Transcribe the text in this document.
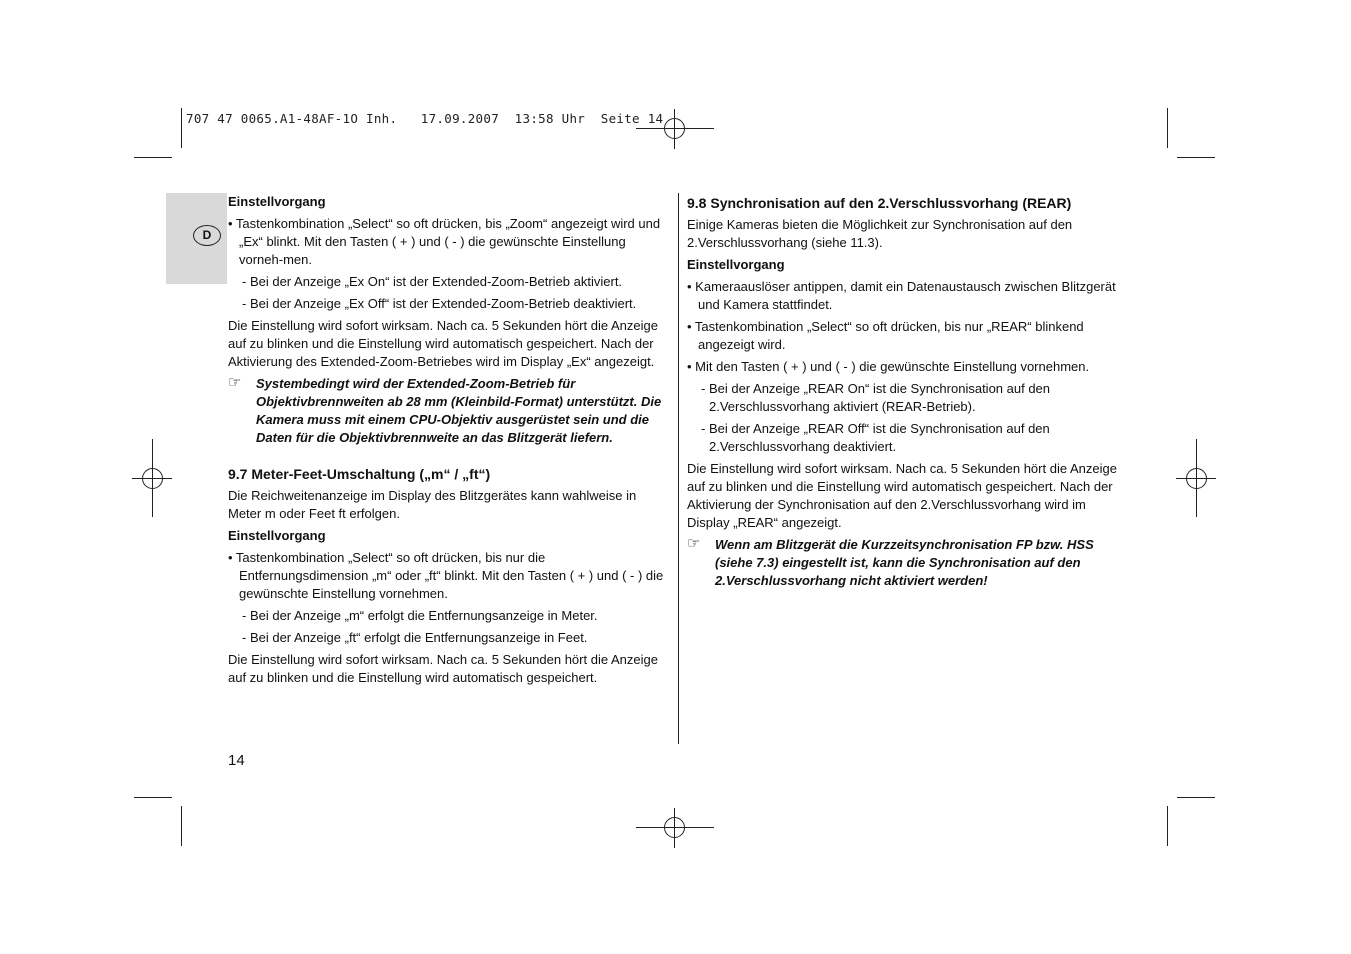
707 47 0065.A1-48AF-1O Inh.   17.09.2007  13:58 Uhr  Seite 14
D

Einstellvorgang

• Tastenkombination „Select“ so oft drücken, bis „Zoom“ angezeigt wird und „Ex“ blinkt. Mit den Tasten ( + ) und ( - ) die gewünschte Einstellung vorneh-men.

- Bei der Anzeige „Ex On“ ist der Extended-Zoom-Betrieb aktiviert.

- Bei der Anzeige „Ex Off“ ist der Extended-Zoom-Betrieb deaktiviert.

Die Einstellung wird sofort wirksam. Nach ca. 5 Sekunden hört die Anzeige auf zu blinken und die Einstellung wird automatisch gespeichert. Nach der Aktivierung des Extended-Zoom-Betriebes wird im Display „Ex“ angezeigt.

☞ Systembedingt wird der Extended-Zoom-Betrieb für Objektivbrennweiten ab 28 mm (Kleinbild-Format) unterstützt. Die Kamera muss mit einem CPU-Objektiv ausgerüstet sein und die Daten für die Objektivbrennweite an das Blitzgerät liefern.

9.7 Meter-Feet-Umschaltung („m“ / „ft“)

Die Reichweitenanzeige im Display des Blitzgerätes kann wahlweise in Meter m oder Feet ft erfolgen.

Einstellvorgang

• Tastenkombination „Select“ so oft drücken, bis nur die Entfernungsdimension „m“ oder „ft“ blinkt. Mit den Tasten ( + ) und ( - ) die gewünschte Einstellung vornehmen.

- Bei der Anzeige „m“ erfolgt die Entfernungsanzeige in Meter.

- Bei der Anzeige „ft“ erfolgt die Entfernungsanzeige in Feet.

Die Einstellung wird sofort wirksam. Nach ca. 5 Sekunden hört die Anzeige auf zu blinken und die Einstellung wird automatisch gespeichert.

9.8 Synchronisation auf den 2.Verschlussvorhang (REAR)

Einige Kameras bieten die Möglichkeit zur Synchronisation auf den 2.Verschlussvorhang (siehe 11.3).

Einstellvorgang

• Kameraauslöser antippen, damit ein Datenaustausch zwischen Blitzgerät und Kamera stattfindet.

• Tastenkombination „Select“ so oft drücken, bis nur „REAR“ blinkend angezeigt wird.

• Mit den Tasten ( + ) und ( - ) die gewünschte Einstellung vornehmen.

- Bei der Anzeige „REAR On“ ist die Synchronisation auf den 2.Verschlussvorhang aktiviert (REAR-Betrieb).

- Bei der Anzeige „REAR Off“ ist die Synchronisation auf den 2.Verschlussvorhang deaktiviert.

Die Einstellung wird sofort wirksam. Nach ca. 5 Sekunden hört die Anzeige auf zu blinken und die Einstellung wird automatisch gespeichert. Nach der Aktivierung der Synchronisation auf den 2.Verschlussvorhang wird im Display „REAR“ angezeigt.

☞ Wenn am Blitzgerät die Kurzzeitsynchronisation FP bzw. HSS (siehe 7.3) eingestellt ist, kann die Synchronisation auf den 2.Verschlussvorhang nicht aktiviert werden!

14
